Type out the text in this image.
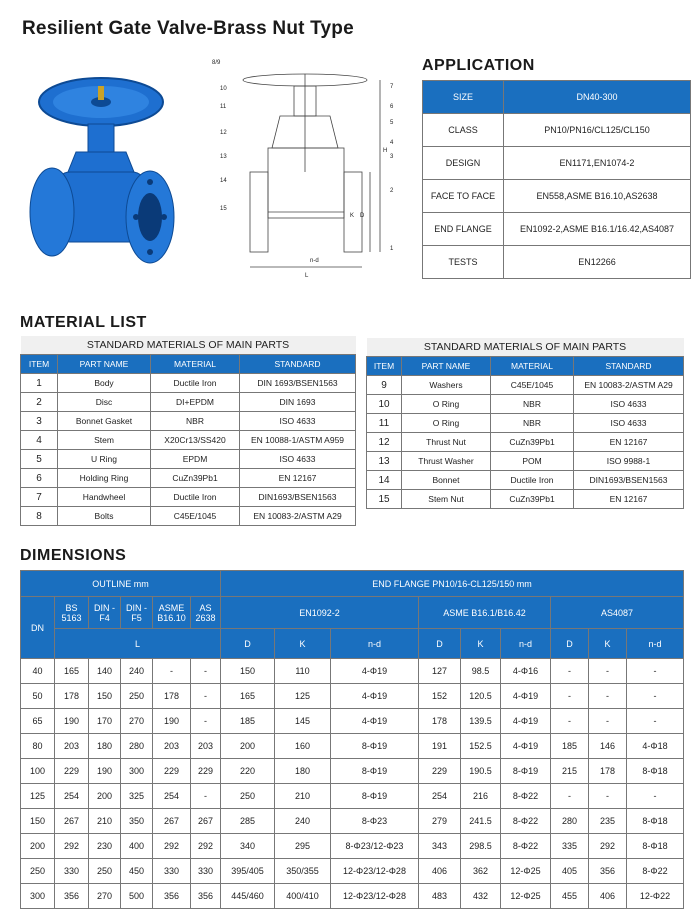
Resilient Gate Valve-Brass Nut Type
8/9
10
11
12
13
14
15
7
6
5
4
3
2
1
H
D
K
L
n-d
APPLICATION
SIZE	DN40-300
CLASS	PN10/PN16/CL125/CL150
DESIGN	EN1171,EN1074-2
FACE TO FACE	EN558,ASME B16.10,AS2638
END FLANGE	EN1092-2,ASME B16.1/16.42,AS4087
TESTS	EN12266
MATERIAL LIST
STANDARD MATERIALS OF MAIN PARTS			
ITEM	PART NAME	MATERIAL	STANDARD
1	Body	Ductile Iron	DIN 1693/BSEN1563
2	Disc	DI+EPDM	DIN 1693
3	Bonnet Gasket	NBR	ISO 4633
4	Stem	X20Cr13/SS420	EN 10088-1/ASTM A959
5	U Ring	EPDM	ISO 4633
6	Holding Ring	CuZn39Pb1	EN 12167
7	Handwheel	Ductile Iron	DIN1693/BSEN1563
8	Bolts	C45E/1045	EN 10083-2/ASTM A29
STANDARD MATERIALS OF MAIN PARTS			
ITEM	PART NAME	MATERIAL	STANDARD
9	Washers	C45E/1045	EN 10083-2/ASTM A29
10	O Ring	NBR	ISO 4633
11	O Ring	NBR	ISO 4633
12	Thrust Nut	CuZn39Pb1	EN 12167
13	Thrust Washer	POM	ISO 9988-1
14	Bonnet	Ductile Iron	DIN1693/BSEN1563
15	Stem Nut	CuZn39Pb1	EN 12167
DIMENSIONS
OUTLINE mm						END FLANGE PN10/16-CL125/150 mm								
DN	BS 5163	DIN -F4	DIN -F5	ASME B16.10	AS 2638	EN1092-2			ASME B16.1/B16.42			AS4087		
	L					D	K	n-d	D	K	n-d	D	K	n-d
40	165	140	240	-	-	150	110	4-Φ19	127	98.5	4-Φ16	-	-	-
50	178	150	250	178	-	165	125	4-Φ19	152	120.5	4-Φ19	-	-	-
65	190	170	270	190	-	185	145	4-Φ19	178	139.5	4-Φ19	-	-	-
80	203	180	280	203	203	200	160	8-Φ19	191	152.5	4-Φ19	185	146	4-Φ18
100	229	190	300	229	229	220	180	8-Φ19	229	190.5	8-Φ19	215	178	8-Φ18
125	254	200	325	254	-	250	210	8-Φ19	254	216	8-Φ22	-	-	-
150	267	210	350	267	267	285	240	8-Φ23	279	241.5	8-Φ22	280	235	8-Φ18
200	292	230	400	292	292	340	295	8-Φ23/12-Φ23	343	298.5	8-Φ22	335	292	8-Φ18
250	330	250	450	330	330	395/405	350/355	12-Φ23/12-Φ28	406	362	12-Φ25	405	356	8-Φ22
300	356	270	500	356	356	445/460	400/410	12-Φ23/12-Φ28	483	432	12-Φ25	455	406	12-Φ22
